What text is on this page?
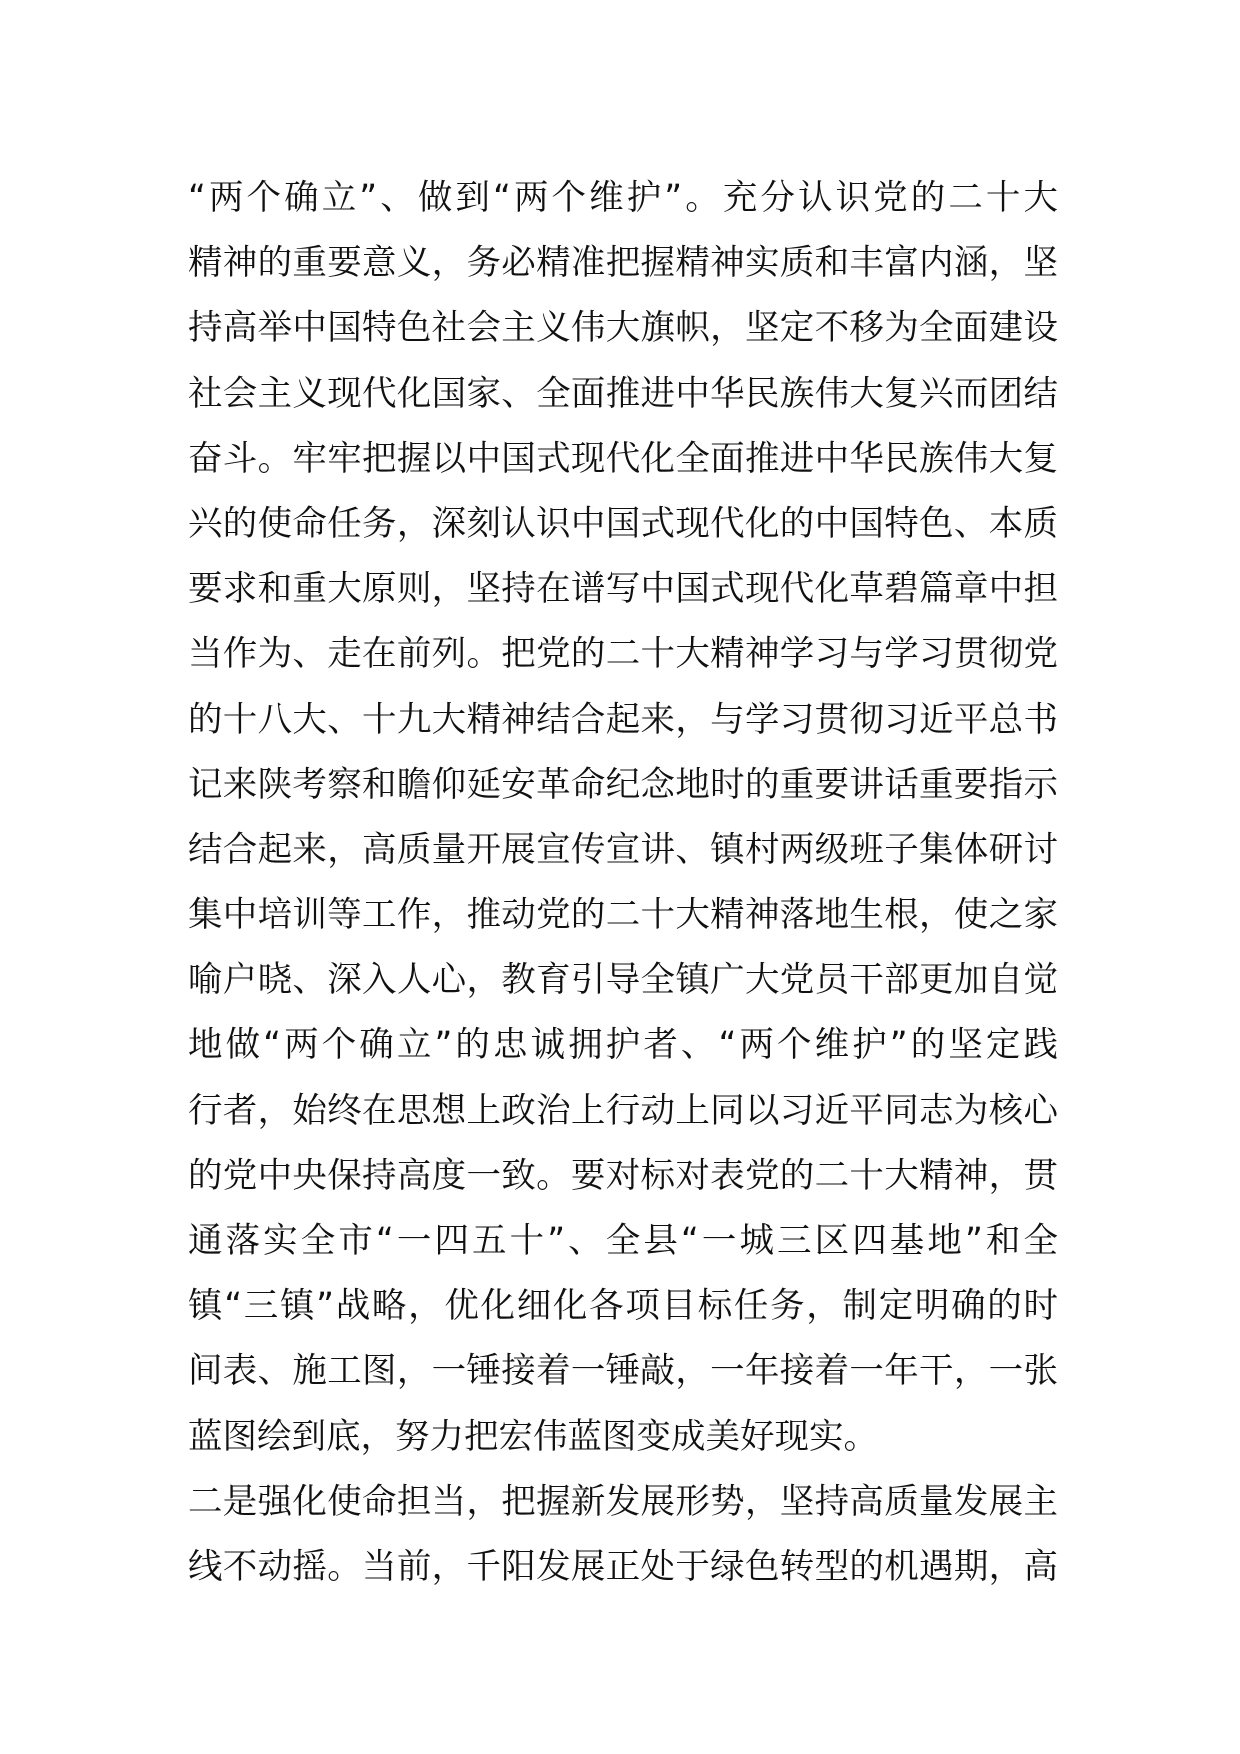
“两个确立”、做到“两个维护”。充分认识党的二十大
精神的重要意义，务必精准把握精神实质和丰富内涵，坚
持高举中国特色社会主义伟大旗帜，坚定不移为全面建设
社会主义现代化国家、全面推进中华民族伟大复兴而团结
奋斗。牢牢把握以中国式现代化全面推进中华民族伟大复
兴的使命任务，深刻认识中国式现代化的中国特色、本质
要求和重大原则，坚持在谱写中国式现代化草碧篇章中担
当作为、走在前列。把党的二十大精神学习与学习贯彻党
的十八大、十九大精神结合起来，与学习贯彻习近平总书
记来陕考察和瞻仰延安革命纪念地时的重要讲话重要指示
结合起来，高质量开展宣传宣讲、镇村两级班子集体研讨
集中培训等工作，推动党的二十大精神落地生根，使之家
喻户晓、深入人心，教育引导全镇广大党员干部更加自觉
地做“两个确立”的忠诚拥护者、“两个维护”的坚定践
行者，始终在思想上政治上行动上同以习近平同志为核心
的党中央保持高度一致。要对标对表党的二十大精神，贯
通落实全市“一四五十”、全县“一城三区四基地”和全
镇“三镇”战略，优化细化各项目标任务，制定明确的时
间表、施工图，一锤接着一锤敲，一年接着一年干，一张
蓝图绘到底，努力把宏伟蓝图变成美好现实。
二是强化使命担当，把握新发展形势，坚持高质量发展主
线不动摇。当前，千阳发展正处于绿色转型的机遇期，高
